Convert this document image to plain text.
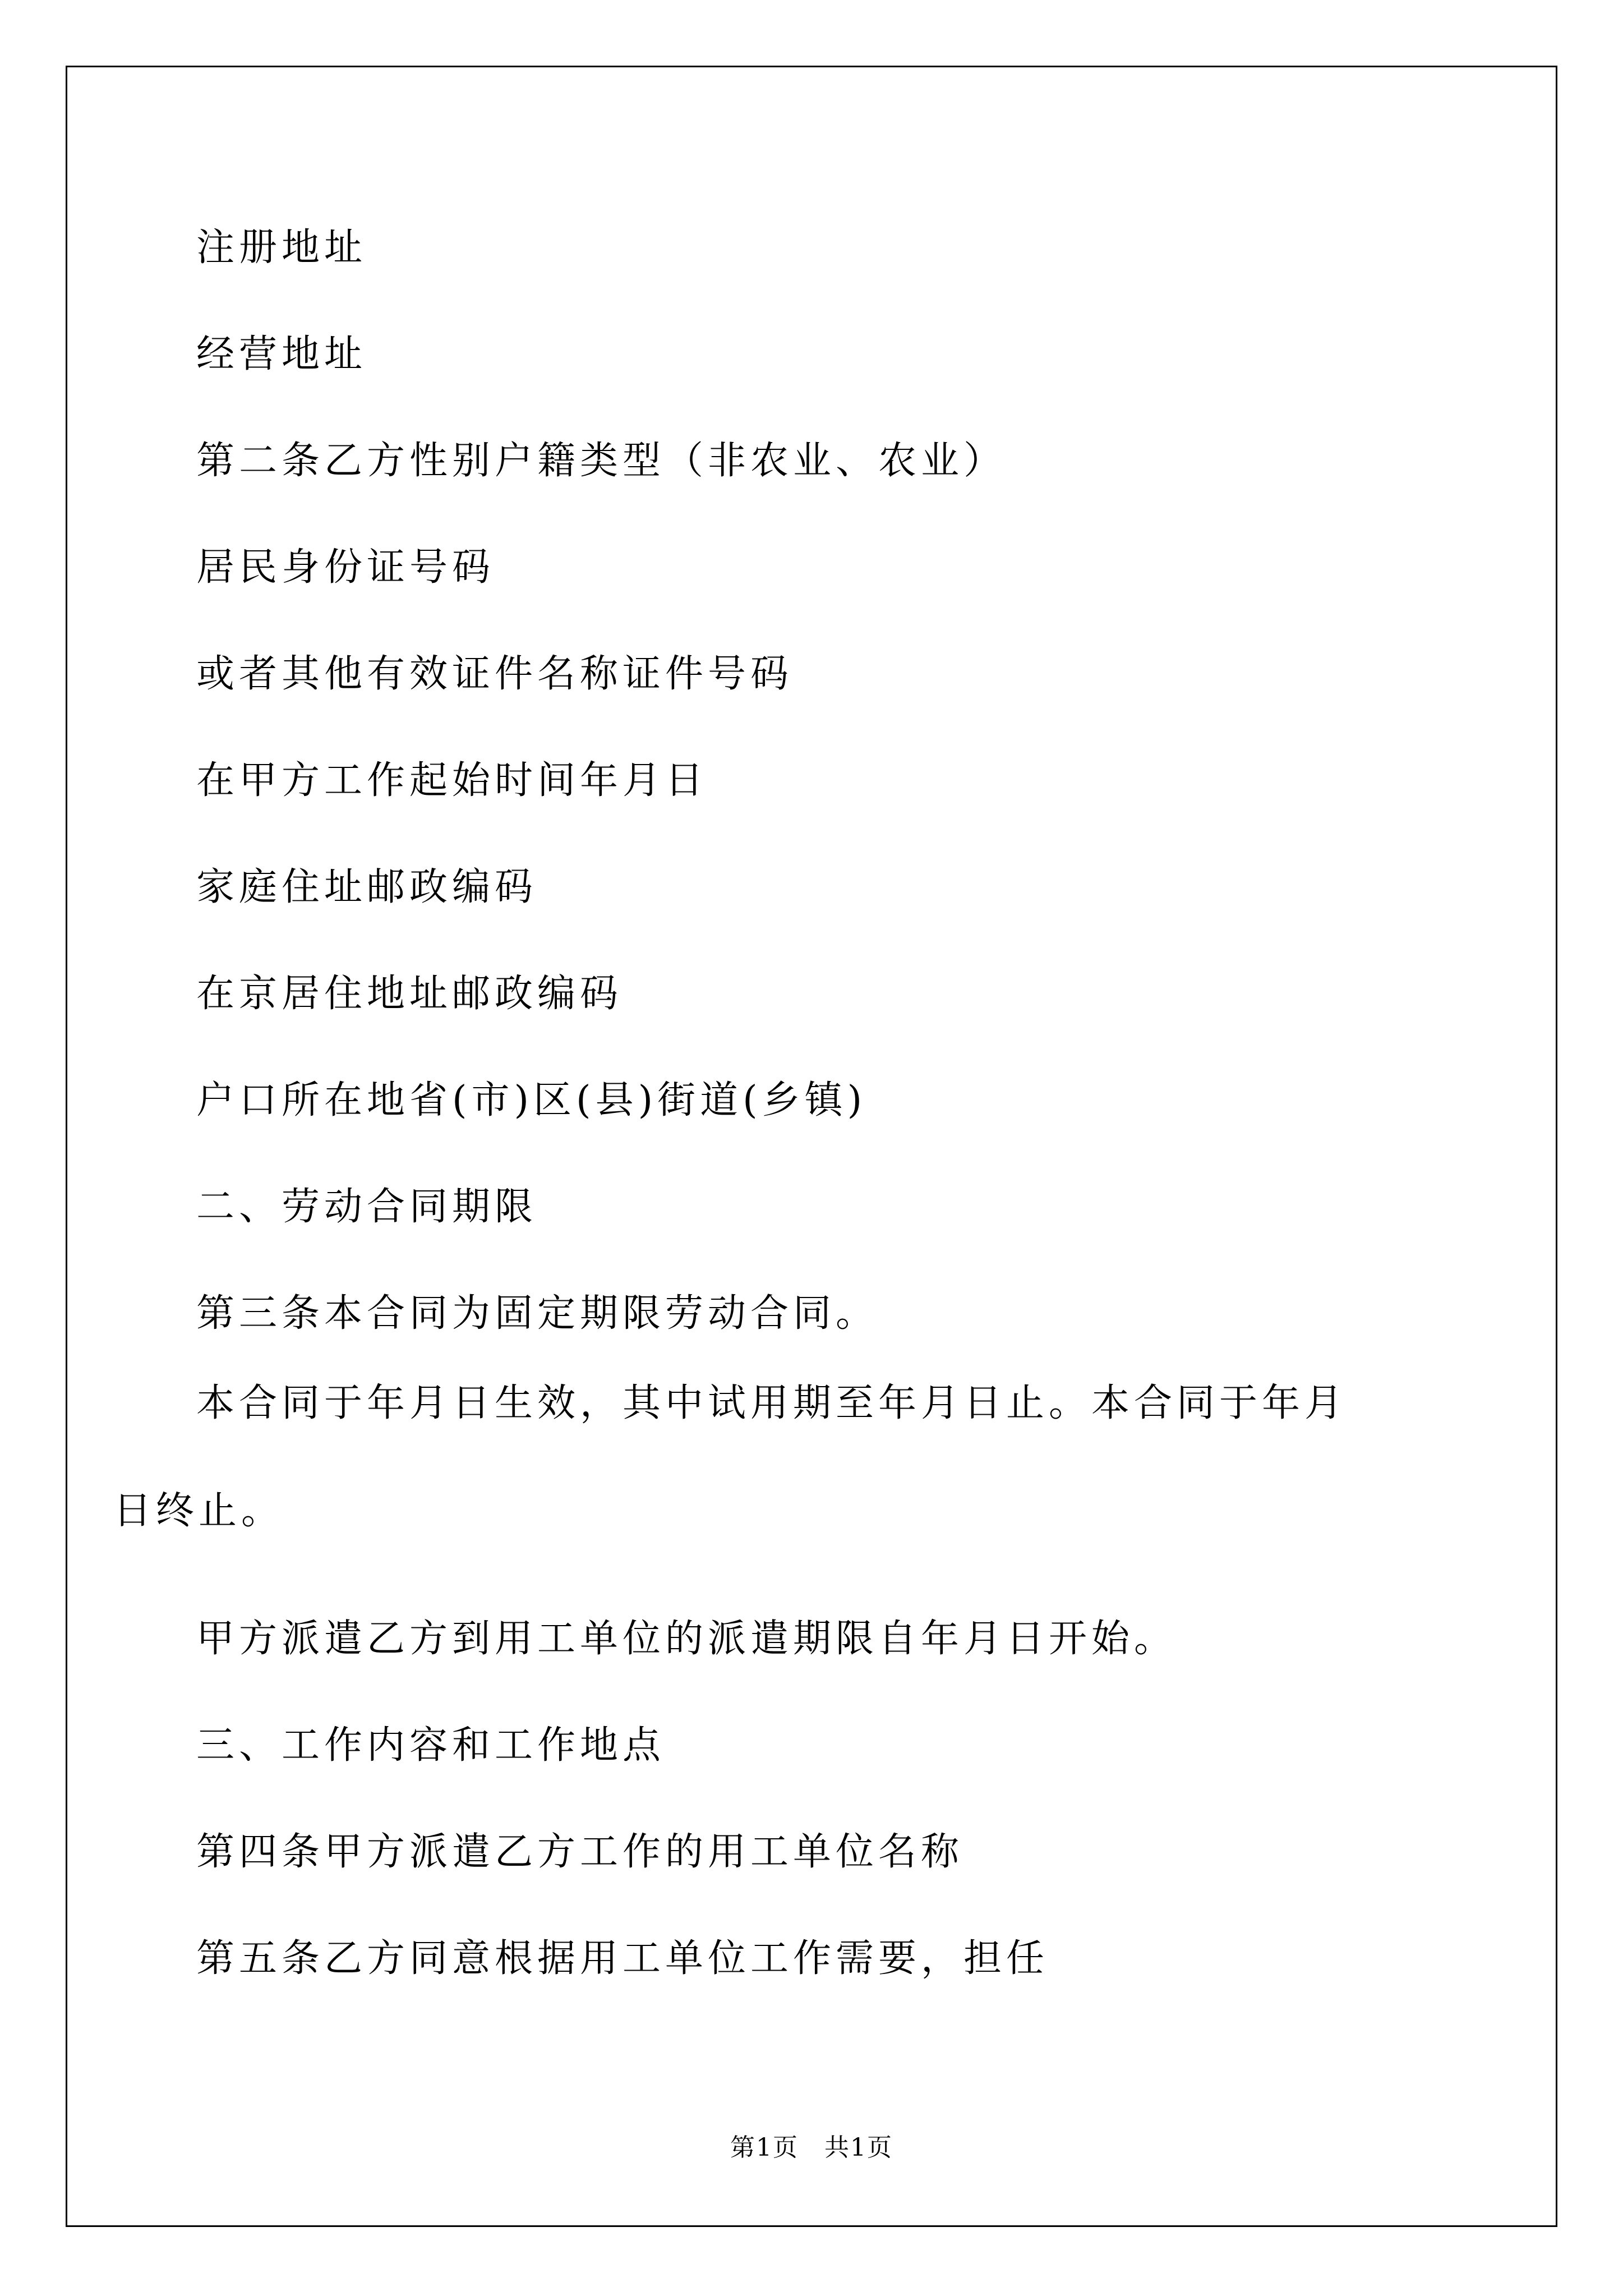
注册地址

经营地址

第二条乙方性别户籍类型（非农业、农业）

居民身份证号码

或者其他有效证件名称证件号码

在甲方工作起始时间年月日

家庭住址邮政编码

在京居住地址邮政编码

户口所在地省(市)区(县)街道(乡镇)

二、劳动合同期限

第三条本合同为固定期限劳动合同。

本合同于年月日生效，其中试用期至年月日止。本合同于年月日终止。

甲方派遣乙方到用工单位的派遣期限自年月日开始。

三、工作内容和工作地点

第四条甲方派遣乙方工作的用工单位名称

第五条乙方同意根据用工单位工作需要，担任

第1页　共1页
